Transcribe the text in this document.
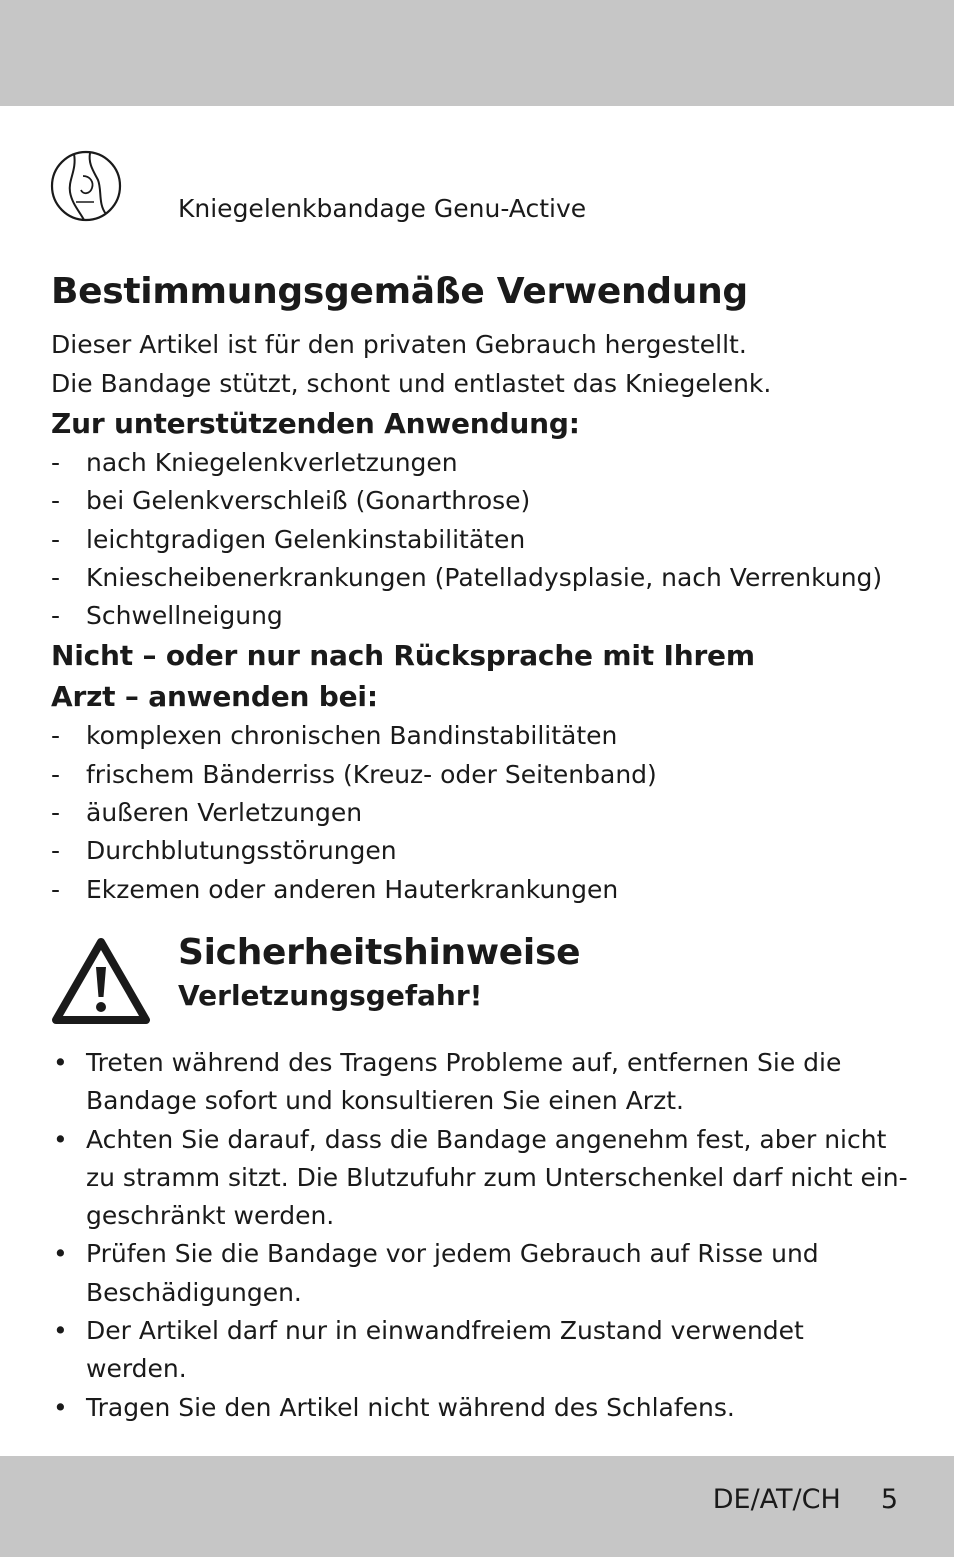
Kniegelenkbandage Genu-Active
Bestimmungsgemäße Verwendung

Dieser Artikel ist für den privaten Gebrauch hergestellt.

Die Bandage stützt, schont und entlastet das Kniegelenk.

Zur unterstützenden Anwendung:
- nach Kniegelenkverletzungen
- bei Gelenkverschleiß (Gonarthrose)
- leichtgradigen Gelenkinstabilitäten
- Kniescheibenerkrankungen (Patelladysplasie, nach Verrenkung)
- Schwellneigung
Nicht – oder nur nach Rücksprache mit Ihrem
Arzt – anwenden bei:
- komplexen chronischen Bandinstabilitäten
- frischem Bänderriss (Kreuz- oder Seitenband)
- äußeren Verletzungen
- Durchblutungsstörungen
- Ekzemen oder anderen Hauterkrankungen
Sicherheitshinweise
Verletzungsgefahr!
• Treten während des Tragens Probleme auf, entfernen Sie die
Bandage sofort und konsultieren Sie einen Arzt.
• Achten Sie darauf, dass die Bandage angenehm fest, aber nicht
zu stramm sitzt. Die Blutzufuhr zum Unterschenkel darf nicht ein-
geschränkt werden.
• Prüfen Sie die Bandage vor jedem Gebrauch auf Risse und
Beschädigungen.
• Der Artikel darf nur in einwandfreiem Zustand verwendet werden.
• Tragen Sie den Artikel nicht während des Schlafens.
DE/AT/CH 5
